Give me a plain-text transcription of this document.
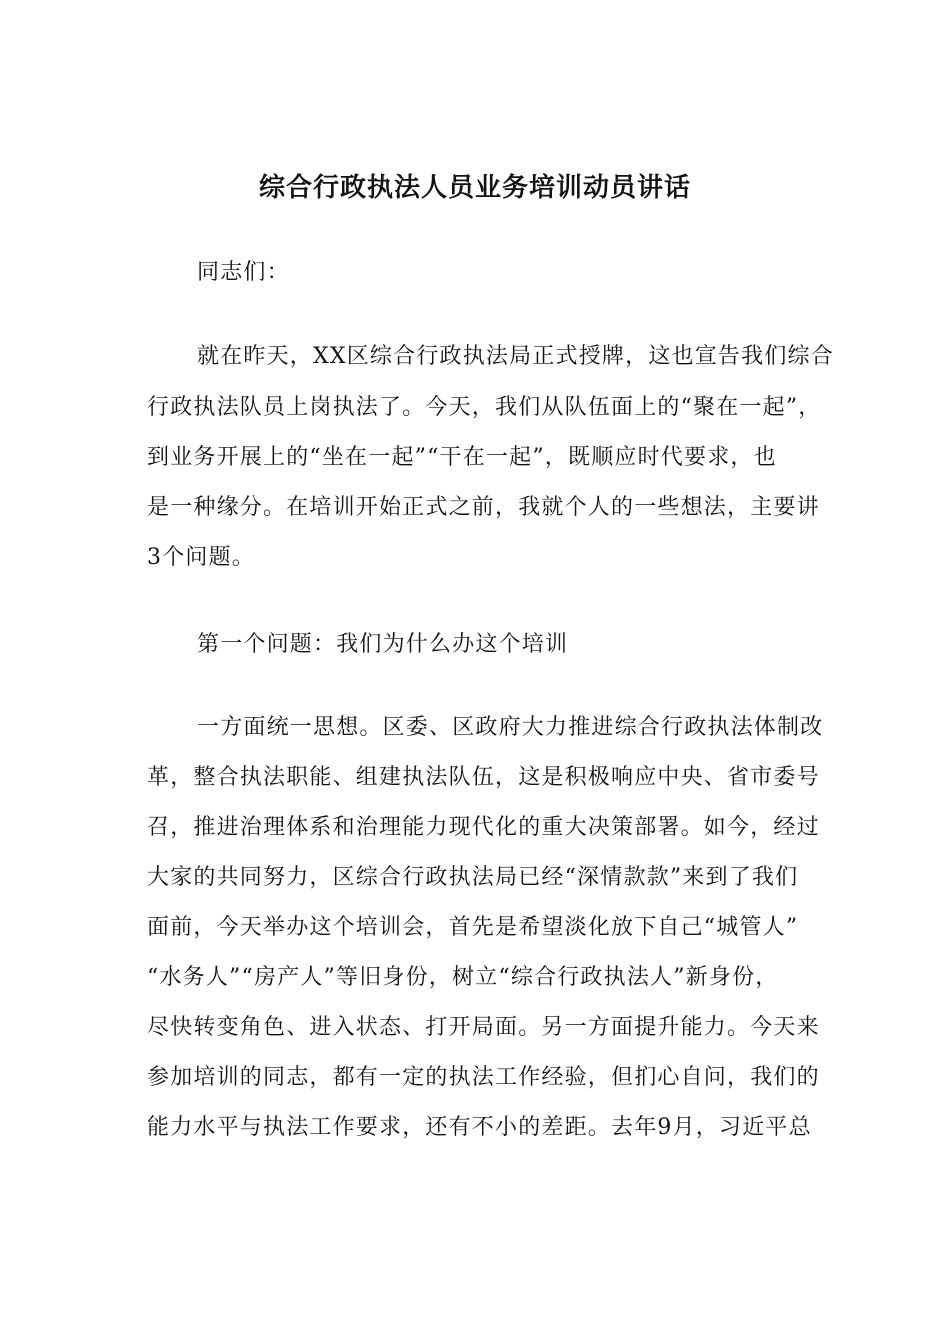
综合行政执法人员业务培训动员讲话

同志们：

就在昨天，XX区综合行政执法局正式授牌，这也宣告我们综合

行政执法队员上岗执法了。今天，我们从队伍面上的“聚在一起”，

到业务开展上的“坐在一起”“干在一起”，既顺应时代要求，也

是一种缘分。在培训开始正式之前，我就个人的一些想法，主要讲

3个问题。

第一个问题：我们为什么办这个培训

一方面统一思想。区委、区政府大力推进综合行政执法体制改

革，整合执法职能、组建执法队伍，这是积极响应中央、省市委号

召，推进治理体系和治理能力现代化的重大决策部署。如今，经过

大家的共同努力，区综合行政执法局已经“深情款款”来到了我们

面前，今天举办这个培训会，首先是希望淡化放下自己“城管人”

“水务人”“房产人”等旧身份，树立“综合行政执法人”新身份，

尽快转变角色、进入状态、打开局面。另一方面提升能力。今天来

参加培训的同志，都有一定的执法工作经验，但扪心自问，我们的

能力水平与执法工作要求，还有不小的差距。去年9月，习近平总
